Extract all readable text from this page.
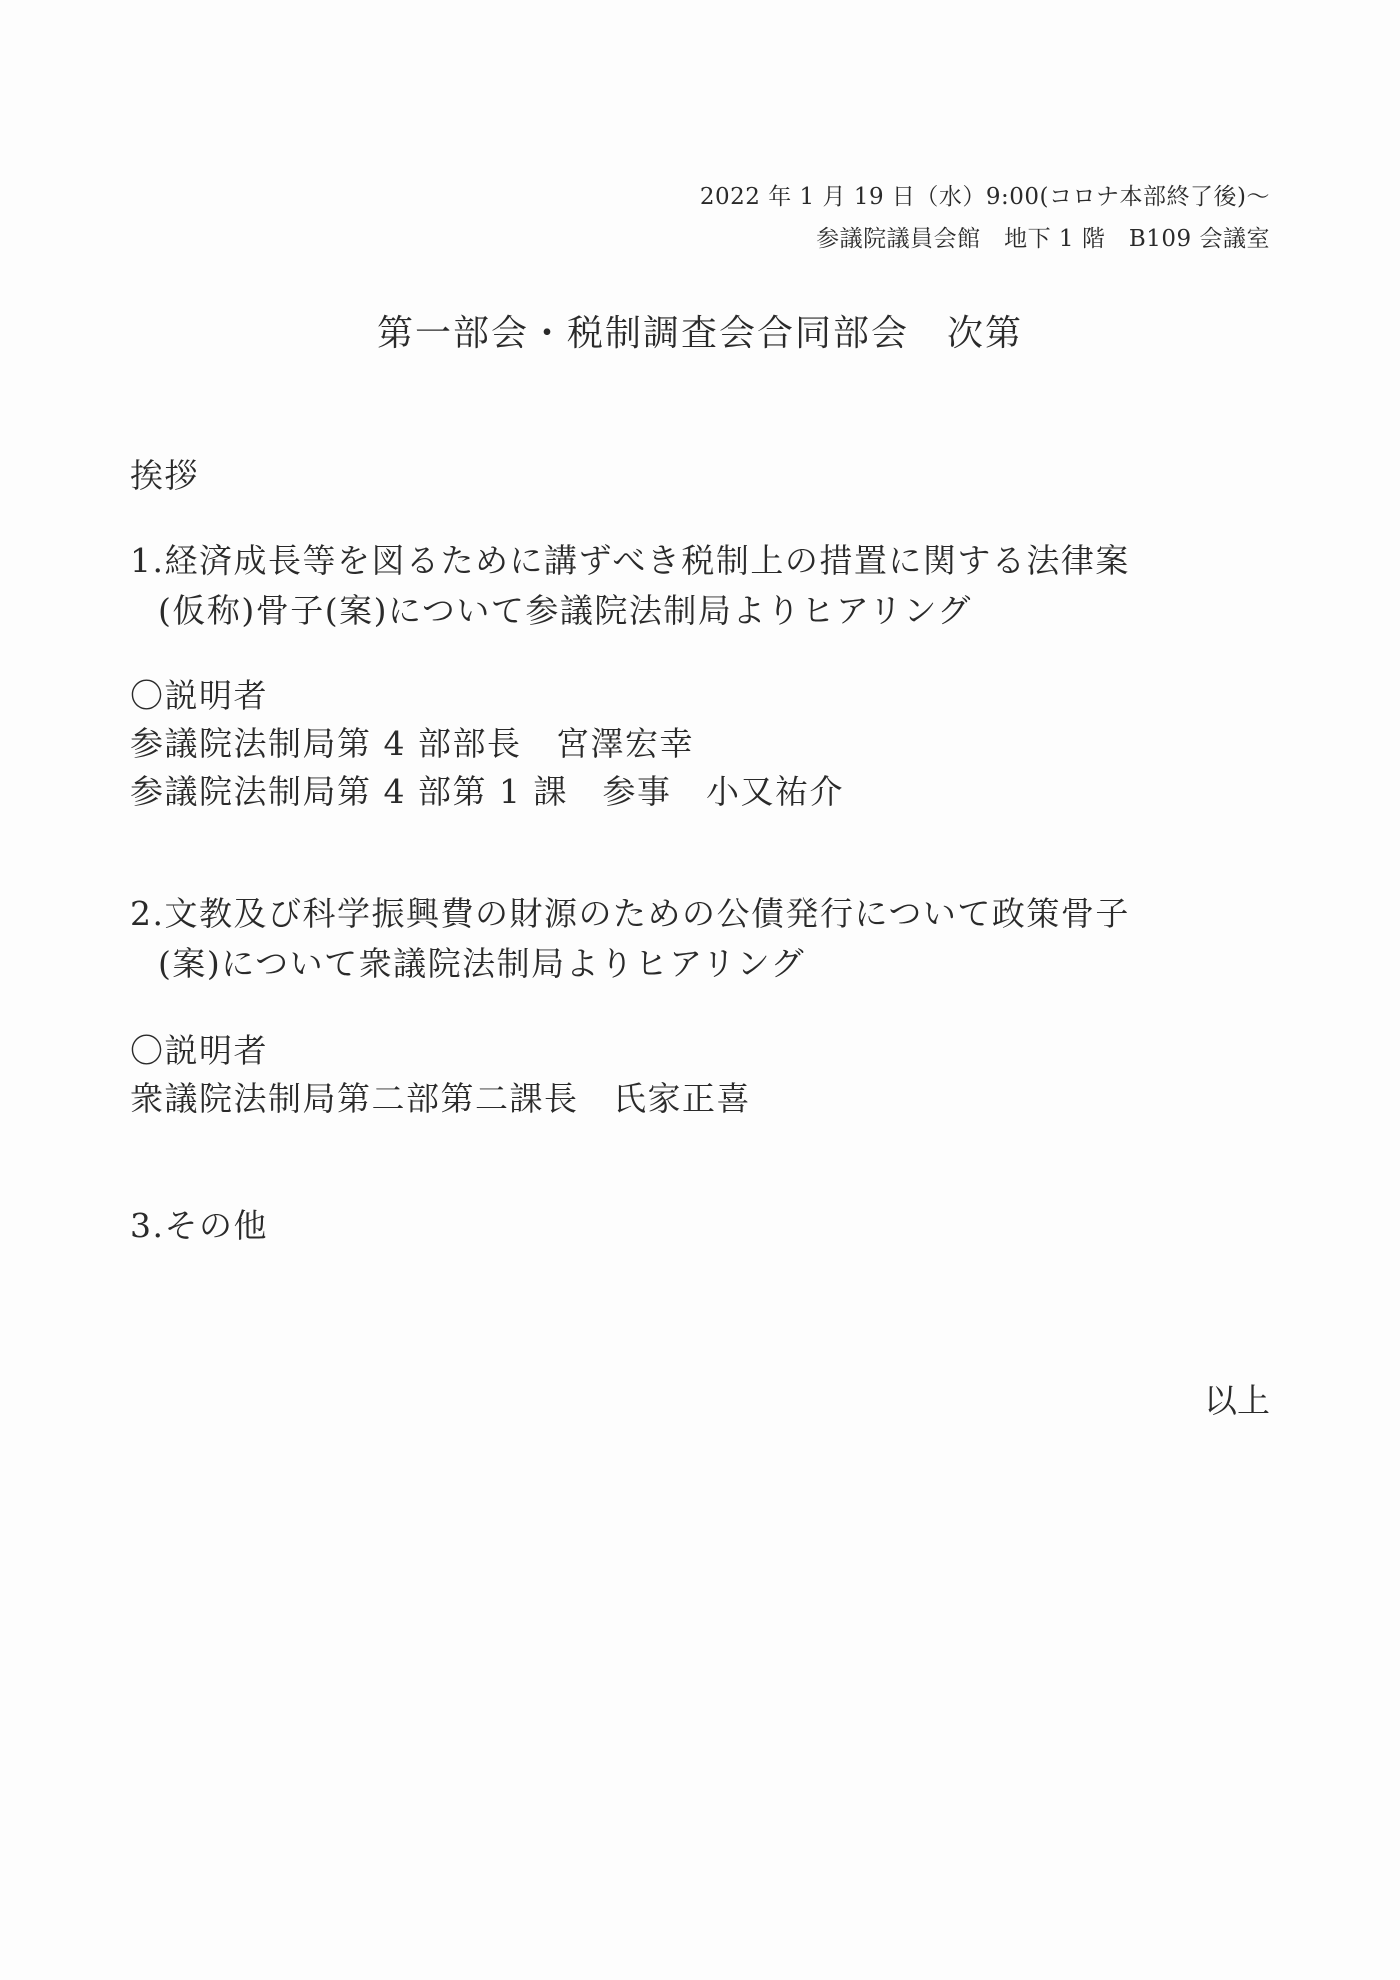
2022 年 1 月 19 日（水）9:00(コロナ本部終了後)〜
参議院議員会館　地下 1 階　B109 会議室
第一部会・税制調査会合同部会　次第
挨拶
1.経済成長等を図るために講ずべき税制上の措置に関する法律案
(仮称)骨子(案)について参議院法制局よりヒアリング
〇説明者
参議院法制局第 4 部部長　宮澤宏幸
参議院法制局第 4 部第 1 課　参事　小又祐介
2.文教及び科学振興費の財源のための公債発行について政策骨子
(案)について衆議院法制局よりヒアリング
〇説明者
衆議院法制局第二部第二課長　氏家正喜
3.その他
以上
